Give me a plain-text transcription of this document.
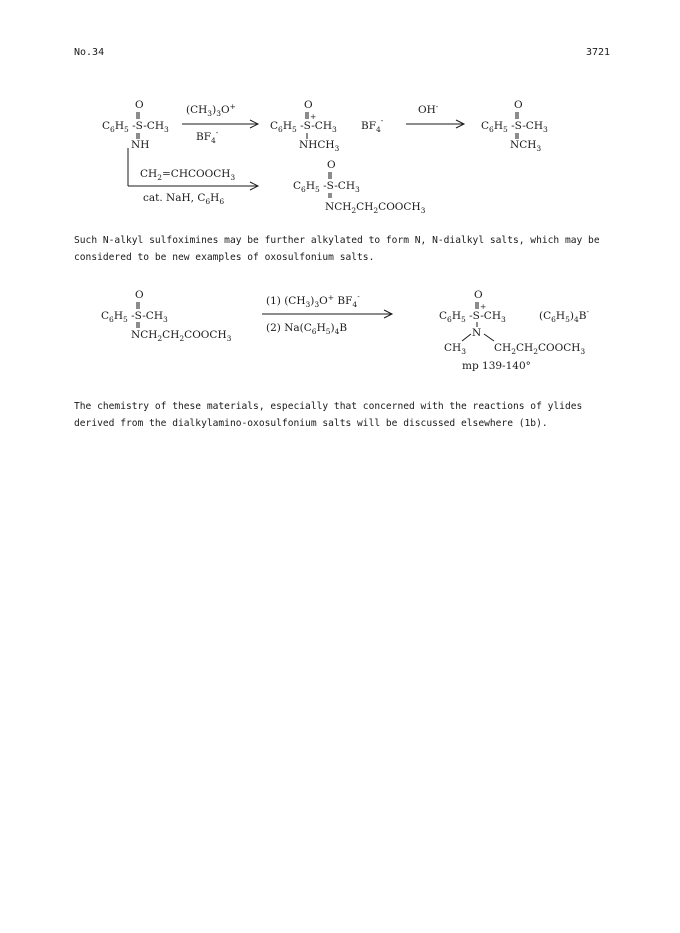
No.34	3721
O
$C_6H_5$ $-S-CH_3$
NH
$(CH_3)_3O^+$
$BF_4^-$
O
+
$C_6H_5$ $-S-CH_3$
$NHCH_3$
$BF_4^-$
OH-	O
$C_6H_5$ $-S-CH_3$
$NCH_3$
$CH_2=CHCOOCH_3$
cat. NaH, $C_6H_6$
O
$C_6H_5$ $-S-CH_3$
$NCH_2CH_2COOCH_3$
O
$C_6H_5$ $-S-CH_3$
$NCH_2CH_2COOCH_3$
(1) $(CH_3)_3O^+$ $BF_4^-$
(2) $Na(C_6H_5)_4B$
O
+
$C_6H_5$ $-S-CH_3$
N
$CH_3$	$CH_2CH_2COOCH_3$
$(C_6H_5)_4B^-$
mp 139-140°

Such N-alkyl sulfoximines may be further alkylated to form N, N-dialkyl salts, which may be considered to be new examples of oxosulfonium salts.

The chemistry of these materials, especially that concerned with the reactions of ylides derived from the dialkylamino-oxosulfonium salts will be discussed elsewhere (1b).
